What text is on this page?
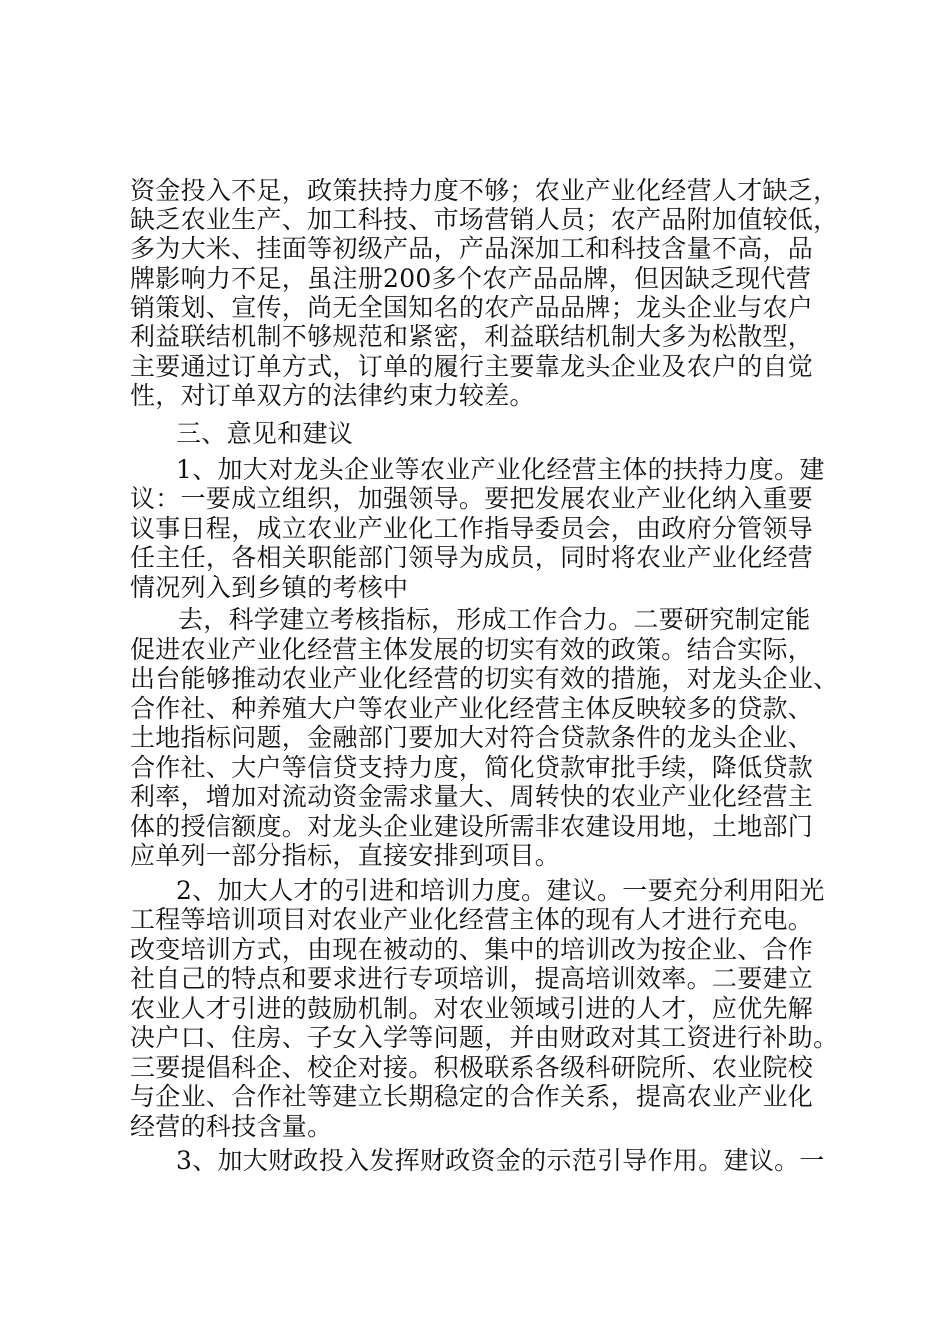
资金投入不足，政策扶持力度不够；农业产业化经营人才缺乏，
缺乏农业生产、加工科技、市场营销人员；农产品附加值较低，
多为大米、挂面等初级产品，产品深加工和科技含量不高，品
牌影响力不足，虽注册200多个农产品品牌，但因缺乏现代营
销策划、宣传，尚无全国知名的农产品品牌；龙头企业与农户
利益联结机制不够规范和紧密，利益联结机制大多为松散型，
主要通过订单方式，订单的履行主要靠龙头企业及农户的自觉
性，对订单双方的法律约束力较差。
三、意见和建议
1、加大对龙头企业等农业产业化经营主体的扶持力度。建
议：一要成立组织，加强领导。要把发展农业产业化纳入重要
议事日程，成立农业产业化工作指导委员会，由政府分管领导
任主任，各相关职能部门领导为成员，同时将农业产业化经营
情况列入到乡镇的考核中
去，科学建立考核指标，形成工作合力。二要研究制定能
促进农业产业化经营主体发展的切实有效的政策。结合实际，
出台能够推动农业产业化经营的切实有效的措施，对龙头企业、
合作社、种养殖大户等农业产业化经营主体反映较多的贷款、
土地指标问题，金融部门要加大对符合贷款条件的龙头企业、
合作社、大户等信贷支持力度，简化贷款审批手续，降低贷款
利率，增加对流动资金需求量大、周转快的农业产业化经营主
体的授信额度。对龙头企业建设所需非农建设用地，土地部门
应单列一部分指标，直接安排到项目。
2、加大人才的引进和培训力度。建议。一要充分利用阳光
工程等培训项目对农业产业化经营主体的现有人才进行充电。
改变培训方式，由现在被动的、集中的培训改为按企业、合作
社自己的特点和要求进行专项培训，提高培训效率。二要建立
农业人才引进的鼓励机制。对农业领域引进的人才，应优先解
决户口、住房、子女入学等问题，并由财政对其工资进行补助。
三要提倡科企、校企对接。积极联系各级科研院所、农业院校
与企业、合作社等建立长期稳定的合作关系，提高农业产业化
经营的科技含量。
3、加大财政投入发挥财政资金的示范引导作用。建议。一
